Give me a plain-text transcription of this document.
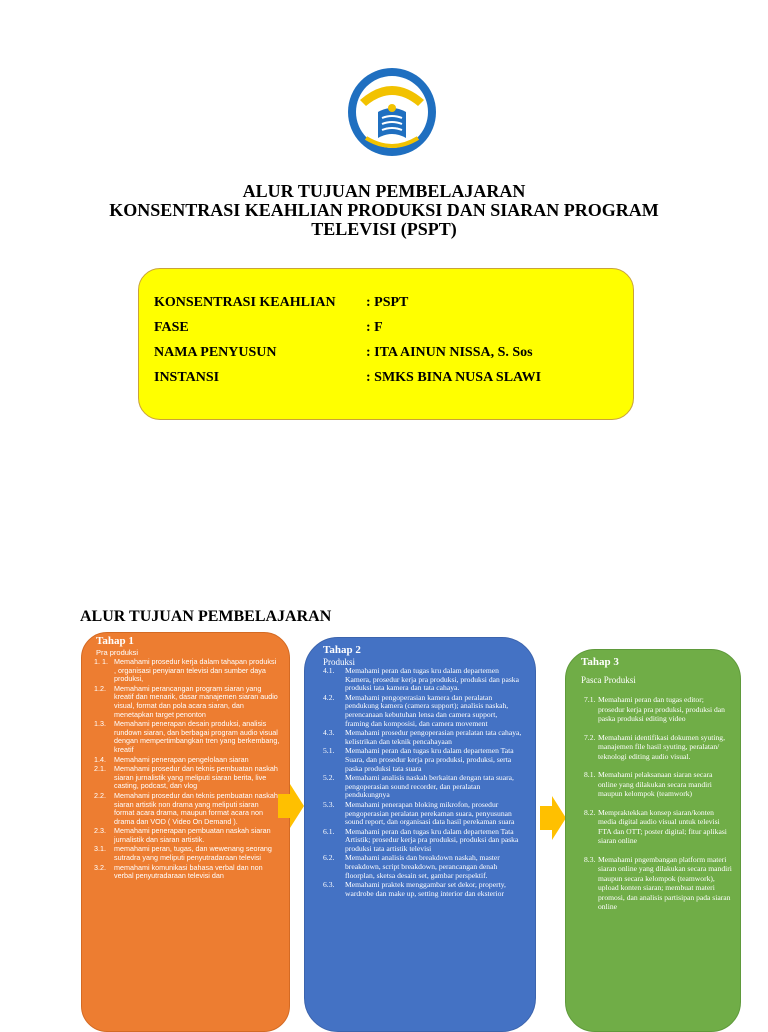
ALUR TUJUAN PEMBELAJARAN
KONSENTRASI KEAHLIAN PRODUKSI DAN SIARAN PROGRAM
TELEVISI (PSPT)
KONSENTRASI KEAHLIAN : PSPT
FASE	: F
NAMA PENYUSUN	: ITA AINUN NISSA, S. Sos
INSTANSI	: SMKS BINA NUSA SLAWI
ALUR TUJUAN PEMBELAJARAN
Tahap 1
Pra produksi
1. 1. Memahami prosedur kerja dalam tahapan produksi , organisasi penyiaran televisi dan sumber daya produksi,
1.2. Memahami perancangan program siaran yang kreatif dan menarik, dasar manajemen siaran audio visual, format dan pola acara siaran, dan menetapkan target penonton
1.3. Memahami penerapan desain produksi, analisis rundown siaran, dan berbagai program audio visual dengan mempertimbangkan tren yang berkembang, kreatif
1.4. Memahami penerapan pengelolaan siaran
2.1. Memahami prosedur dan teknis pembuatan naskah siaran jurnalistik yang meliputi siaran berita, live casting, podcast, dan vlog
2.2. Memahami prosedur dan teknis pembuatan naskah siaran artistik non drama yang meliputi siaran format acara drama, maupun format acara non drama dan VOD ( Video On Demand ).
2.3. Memahami penerapan pembuatan naskah siaran jurnalistik dan siaran artistik.
3.1. memahami peran, tugas, dan wewenang seorang sutradra yang meliputi penyutradaraan televisi
3.2. memahami komunikasi bahasa verbal dan non verbal penyutradaraan televisi dan
Tahap 2
Produksi
4.1. Memahami peran dan tugas kru dalam departemen Kamera, prosedur kerja pra produksi, produksi dan paska produksi tata kamera dan tata cahaya.
4.2. Memahami pengoperasian kamera dan peralatan pendukung kamera (camera support); analisis naskah, perencanaan kebutuhan lensa dan camera support, framing dan komposisi, dan camera movement
4.3. Memahami prosedur pengoperasian peralatan tata cahaya, kelistrikan dan teknik pencahayaan
5.1. Memahami peran dan tugas kru dalam departemen Tata Suara, dan prosedur kerja pra produksi, produksi, serta paska produksi tata suara
5.2. Memahami analisis naskah berkaitan dengan tata suara, pengoperasian sound recorder, dan peralatan pendukungnya
5.3. Memahami penerapan bloking mikrofon, prosedur pengoperasian peralatan perekaman suara, penyusunan sound report, dan organisasi data hasil perekaman suara
6.1. Memahami peran dan tugas kru dalam departemen Tata Artistik; prosedur kerja pra produksi, produksi dan paska produksi tata artistik televisi
6.2. Memahami analisis dan breakdown naskah, master breakdown, script breakdown, perancangan denah floorplan, sketsa desain set, gambar perspektif.
6.3. Memahami praktek menggambar set dekor, property, wardrobe dan make up, setting interior dan eksterior
Tahap 3
Pasca Produksi
7.1. Memahami peran dan tugas editor; prosedur kerja pra produksi, produksi dan paska produksi editing video
7.2. Memahami identifikasi dokumen syuting, manajemen file hasil syuting, peralatan/ teknologi editing audio visual.
8.1. Memahami pelaksanaan siaran secara online yang dilakukan secara mandiri maupun kelompok (teamwork)
8.2. Mempraktekkan konsep siaran/konten media digital audio visual untuk televisi FTA dan OTT; poster digital; fitur aplikasi siaran online
8.3. Memahami pngembangan platform materi siaran online yang dilakukan secara mandiri maupun secara kelompok (teamwork), upload konten siaran; membuat materi promosi, dan analisis partisipan pada siaran online
